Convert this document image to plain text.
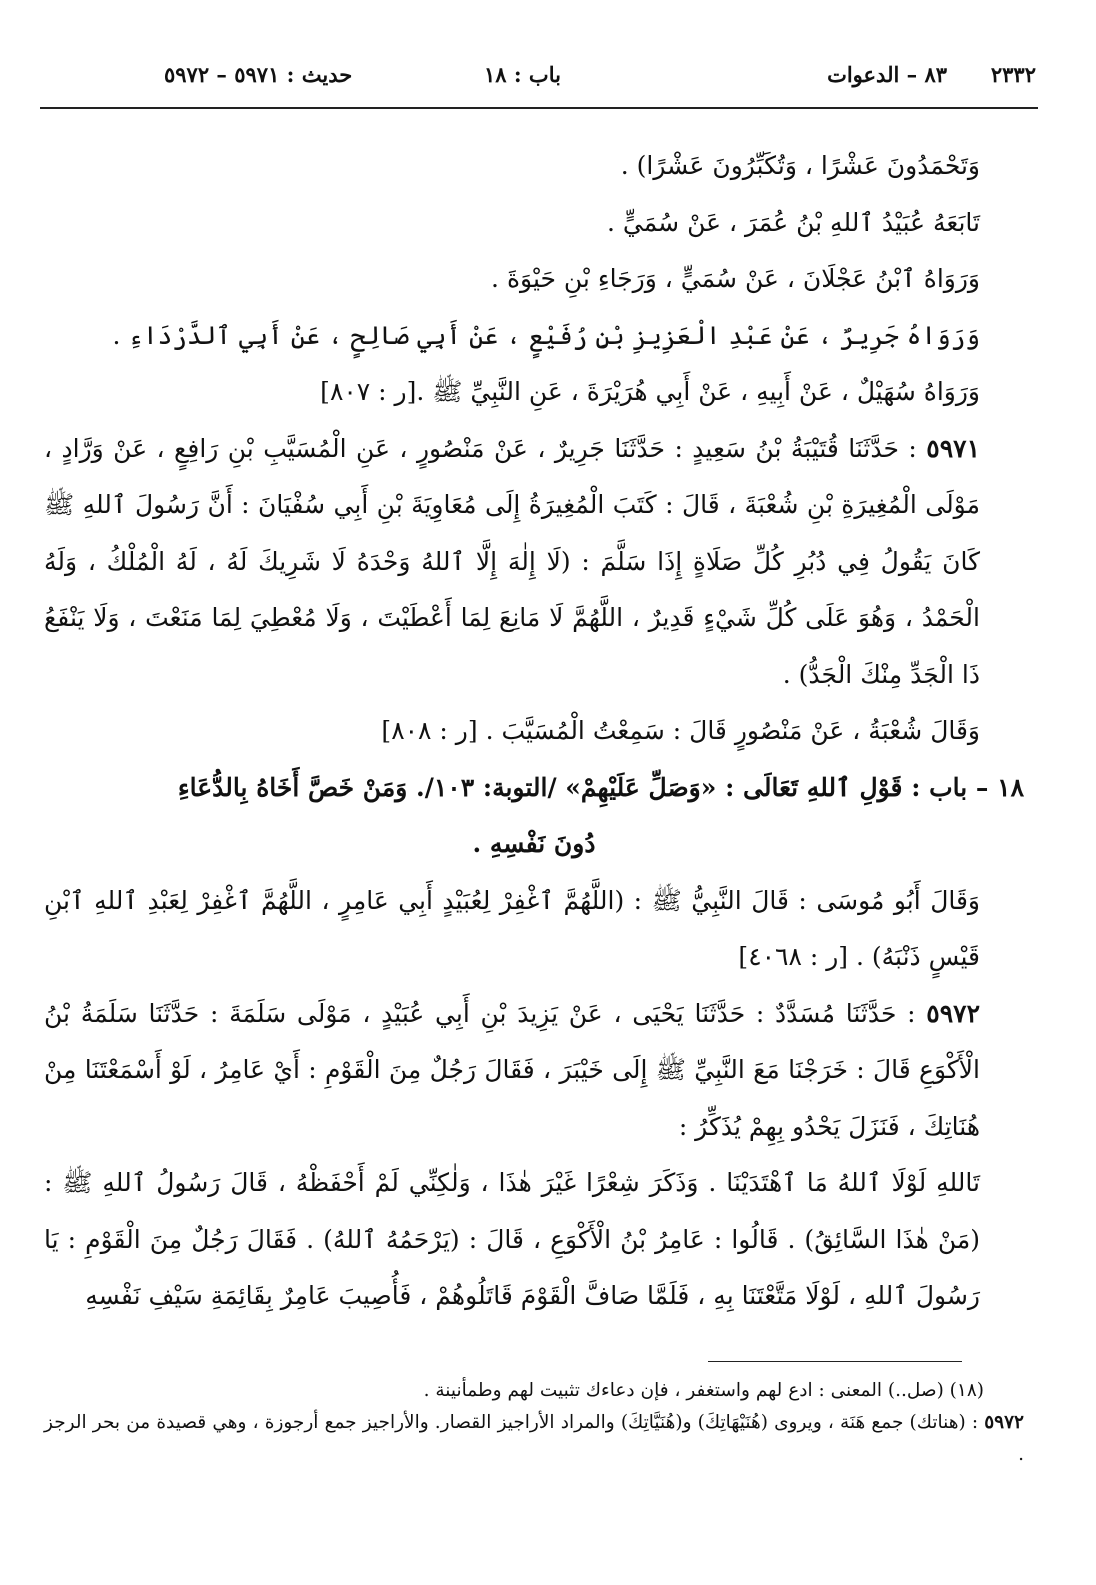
٢٣٣٢      ٨٣ – الدعوات
باب : ١٨
حديث : ٥٩٧١ – ٥٩٧٢

وَتَحْمَدُونَ عَشْرًا ، وَتُكَبِّرُونَ عَشْرًا) .

تَابَعَهُ عُبَيْدُ ٱللهِ بْنُ عُمَرَ ، عَنْ سُمَيٍّ .

وَرَوَاهُ ٱبْنُ عَجْلَانَ ، عَنْ سُمَيٍّ ، وَرَجَاءِ بْنِ حَيْوَةَ .

وَرَوَاهُ جَرِيرٌ ، عَنْ عَبْدِ الْعَزِيزِ بْنِ رُفَيْعٍ ، عَنْ أَبِي صَالِحٍ ، عَنْ أَبِي ٱلدَّرْدَاءِ .

وَرَوَاهُ سُهَيْلٌ ، عَنْ أَبِيهِ ، عَنْ أَبِي هُرَيْرَةَ ، عَنِ النَّبِيِّ ﷺ .[ر : ٨٠٧]

٥٩٧١ : حَدَّثَنَا قُتَيْبَةُ بْنُ سَعِيدٍ : حَدَّثَنَا جَرِيرٌ ، عَنْ مَنْصُورٍ ، عَنِ الْمُسَيَّبِ بْنِ رَافِعٍ ، عَنْ وَرَّادٍ ، مَوْلَى الْمُغِيرَةِ بْنِ شُعْبَةَ ، قَالَ : كَتَبَ الْمُغِيرَةُ إِلَى مُعَاوِيَةَ بْنِ أَبِي سُفْيَانَ : أَنَّ رَسُولَ ٱللهِ ﷺ كَانَ يَقُولُ فِي دُبُرِ كُلِّ صَلَاةٍ إِذَا سَلَّمَ : (لَا إِلٰهَ إِلَّا ٱللهُ وَحْدَهُ لَا شَرِيكَ لَهُ ، لَهُ الْمُلْكُ ، وَلَهُ الْحَمْدُ ، وَهُوَ عَلَى كُلِّ شَيْءٍ قَدِيرٌ ، اللَّهُمَّ لَا مَانِعَ لِمَا أَعْطَيْتَ ، وَلَا مُعْطِيَ لِمَا مَنَعْتَ ، وَلَا يَنْفَعُ ذَا الْجَدِّ مِنْكَ الْجَدُّ) .

وَقَالَ شُعْبَةُ ، عَنْ مَنْصُورٍ قَالَ : سَمِعْتُ الْمُسَيَّبَ . [ر : ٨٠٨]

١٨ – باب : قَوْلِ ٱللهِ تَعَالَى : «وَصَلِّ عَلَيْهِمْ» /التوبة: ١٠٣/. وَمَنْ خَصَّ أَخَاهُ بِالدُّعَاءِ
دُونَ نَفْسِهِ .

وَقَالَ أَبُو مُوسَى : قَالَ النَّبِيُّ ﷺ : (اللَّهُمَّ ٱغْفِرْ لِعُبَيْدٍ أَبِي عَامِرٍ ، اللَّهُمَّ ٱغْفِرْ لِعَبْدِ ٱللهِ ٱبْنِ قَيْسٍ ذَنْبَهُ) . [ر : ٤٠٦٨]

٥٩٧٢ : حَدَّثَنَا مُسَدَّدٌ : حَدَّثَنَا يَحْيَى ، عَنْ يَزِيدَ بْنِ أَبِي عُبَيْدٍ ، مَوْلَى سَلَمَةَ : حَدَّثَنَا سَلَمَةُ بْنُ الْأَكْوَعِ قَالَ : خَرَجْنَا مَعَ النَّبِيِّ ﷺ إِلَى خَيْبَرَ ، فَقَالَ رَجُلٌ مِنَ الْقَوْمِ : أَيْ عَامِرُ ، لَوْ أَسْمَعْتَنَا مِنْ هُنَاتِكَ ، فَنَزَلَ يَحْدُو بِهِمْ يُذَكِّرُ :

تَاللهِ لَوْلَا ٱللهُ مَا ٱهْتَدَيْنَا . وَذَكَرَ شِعْرًا غَيْرَ هٰذَا ، وَلٰكِنِّي لَمْ أَحْفَظْهُ ، قَالَ رَسُولُ ٱللهِ ﷺ : (مَنْ هٰذَا السَّائِقُ) . قَالُوا : عَامِرُ بْنُ الْأَكْوَعِ ، قَالَ : (يَرْحَمُهُ ٱللهُ) . فَقَالَ رَجُلٌ مِنَ الْقَوْمِ : يَا رَسُولَ ٱللهِ ، لَوْلَا مَتَّعْتَنَا بِهِ ، فَلَمَّا صَافَّ الْقَوْمَ قَاتَلُوهُمْ ، فَأُصِيبَ عَامِرٌ بِقَائِمَةِ سَيْفِ نَفْسِهِ

(١٨) (صل..) المعنى : ادع لهم واستغفر ، فإن دعاءك تثبيت لهم وطمأنينة .

٥٩٧٢ : (هناتك) جمع هَنَة ، ويروى (هُنَيْهَاتِكَ) و(هُنَيَّاتِكَ) والمراد الأراجيز القصار. والأراجيز جمع أرجوزة ، وهي قصيدة من بحر الرجز .
